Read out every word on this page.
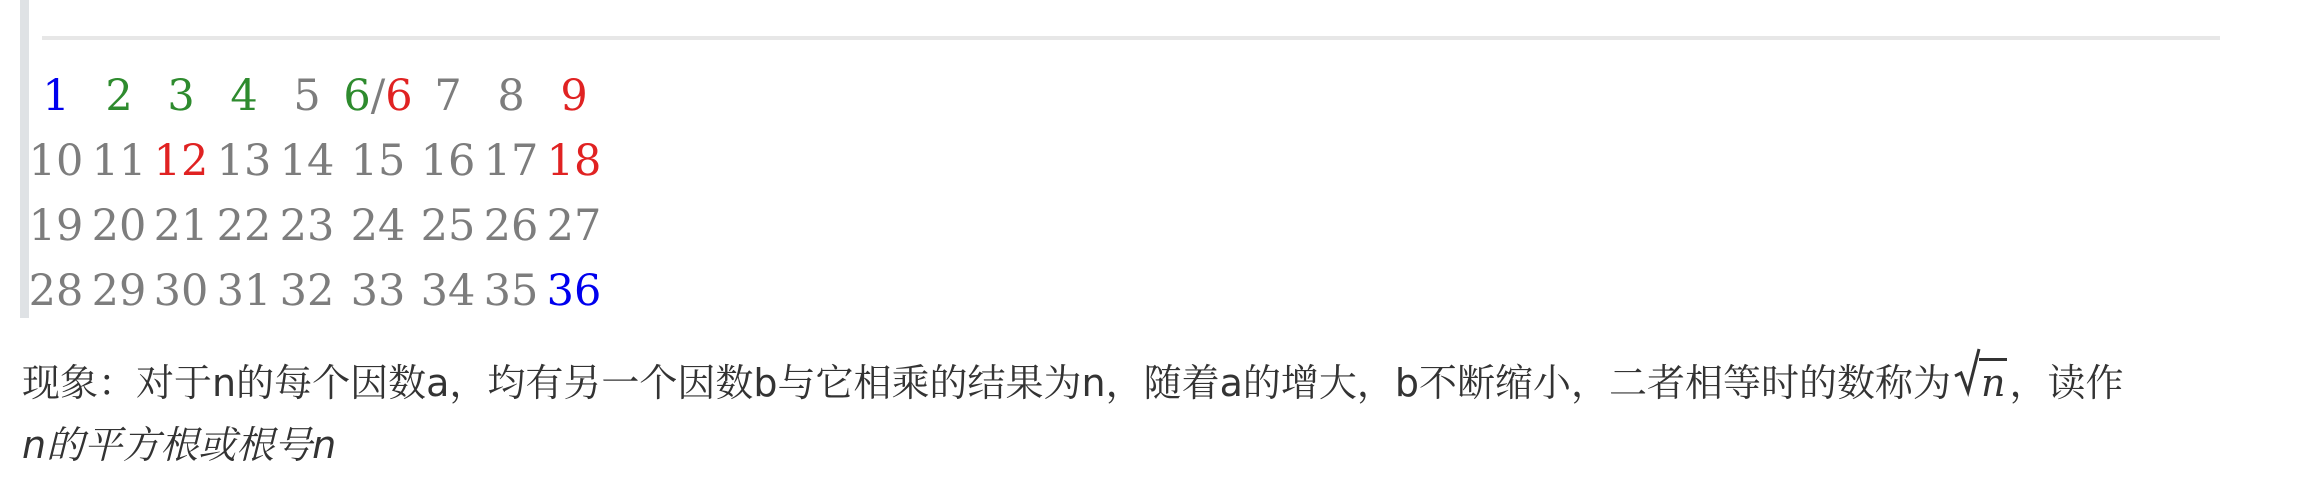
1 2 3 4 5 6/6 7 8 9
10 11 12 13 14 15 16 17 18
19 20 21 22 23 24 25 26 27
28 29 30 31 32 33 34 35 36
现象：对于n的每个因数a，均有另一个因数b与它相乘的结果为n，随着a的增大，b不断缩小，二者相等时的数称为 n ，读作
n的平方根或根号n
